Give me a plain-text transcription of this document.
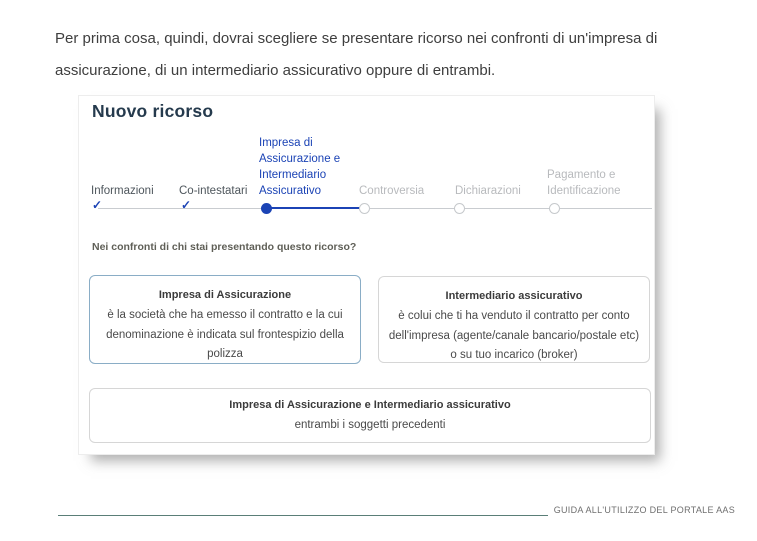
Per prima cosa, quindi, dovrai scegliere se presentare ricorso nei confronti di un'impresa di assicurazione, di un intermediario assicurativo oppure di entrambi.

Nuovo ricorso
Informazioni Co-intestatari
Impresa di Assicurazione e Intermediario Assicurativo	Controversia	Dichiarazioni
Pagamento e Identificazione
✓	✓
Nei confronti di chi stai presentando questo ricorso?
Impresa di Assicurazione
è la società che ha emesso il contratto e la cui denominazione è indicata sul frontespizio della polizza
Intermediario assicurativo
è colui che ti ha venduto il contratto per conto dell'impresa (agente/canale bancario/postale etc) o su tuo incarico (broker)
Impresa di Assicurazione e Intermediario assicurativo
entrambi i soggetti precedenti
GUIDA ALL'UTILIZZO DEL PORTALE AAS
